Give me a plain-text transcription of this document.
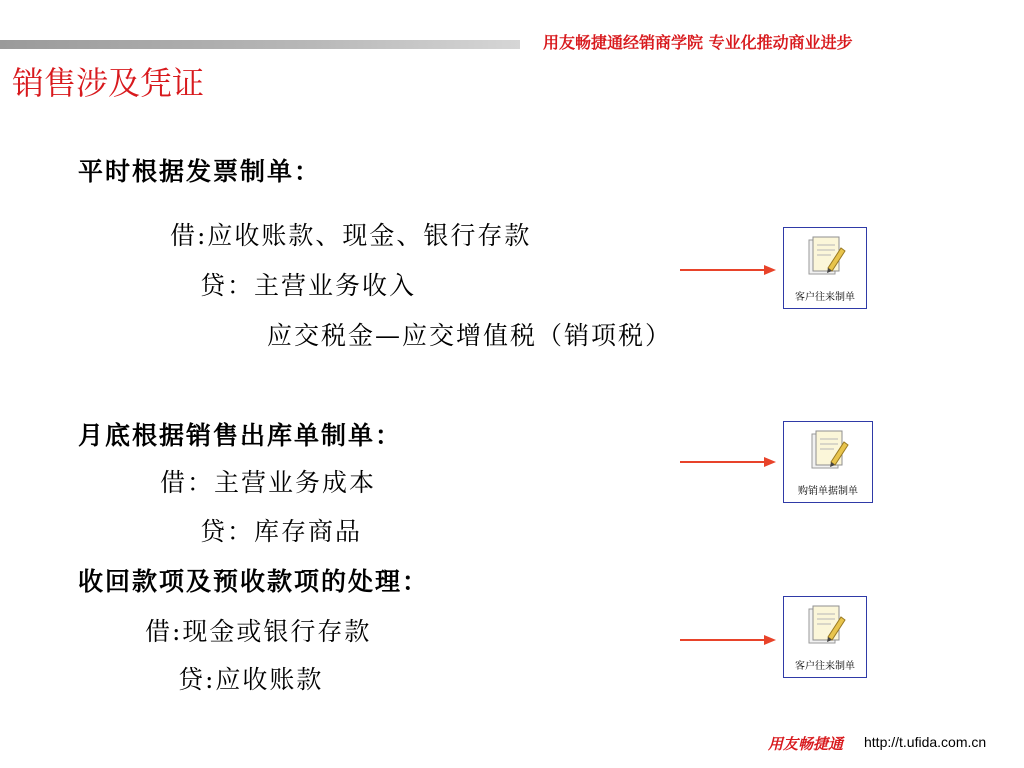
用友畅捷通经销商学院 专业化推动商业进步
销售涉及凭证
平时根据发票制单：
借:应收账款、现金、银行存款
贷：主营业务收入
应交税金—应交增值税（销项税）
月底根据销售出库单制单：
借：主营业务成本
贷：库存商品
收回款项及预收款项的处理：
借:现金或银行存款
贷:应收账款
客户往来制单
购销单据制单
客户往来制单
用友畅捷通 http://t.ufida.com.cn
